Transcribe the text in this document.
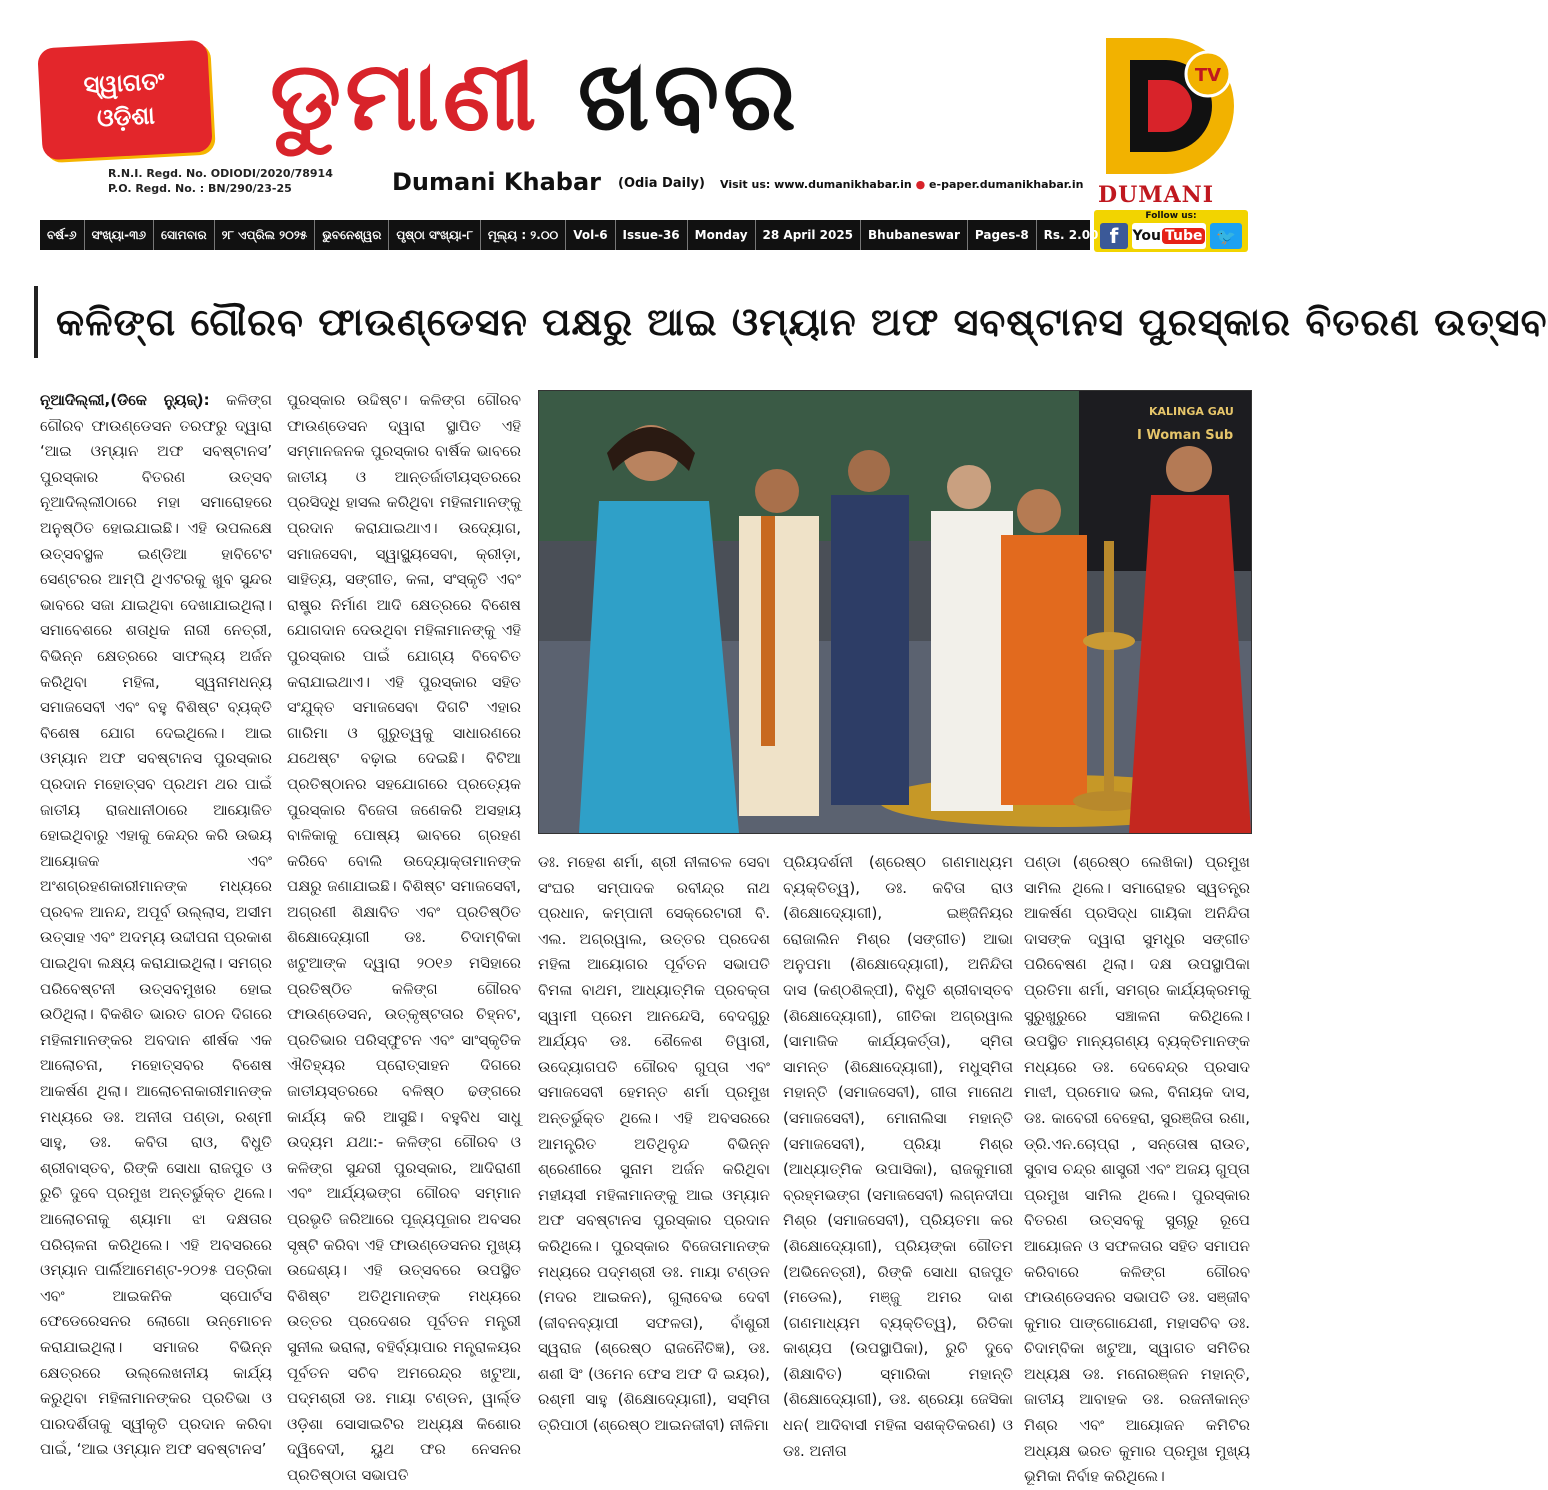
ସ୍ୱାଗତଂ
ଓଡ଼ିଶା
R.N.I. Regd. No. ODIODI/2020/78914
P.O. Regd. No. : BN/290/23-25
ଡୁମାଣୀ ଖବର
Dumani Khabar (Odia Daily) Visit us: www.dumanikhabar.in ● e-paper.dumanikhabar.in
TV
DUMANI
Follow us:
f	You Tube 🐦
ବର୍ଷ-୬	ସଂଖ୍ୟା-୩୬	ସୋମବାର	୨୮ ଏପ୍ରିଲ ୨୦୨୫	ଭୁବନେଶ୍ୱର	ପୃଷ୍ଠା ସଂଖ୍ୟା-୮	ମୂଲ୍ୟ : ୨.୦୦	Vol-6	Issue-36	Monday	28 April 2025	Bhubaneswar	Pages-8	Rs. 2.00
କଳିଙ୍ଗ ଗୌରବ ଫାଉଣ୍ଡେସନ ପକ୍ଷରୁ ଆଇ ଓମ୍ୟାନ ଅଫ ସବଷ୍ଟାନସ ପୁରସ୍କାର ବିତରଣ ଉତ୍ସବ
ନୂଆଦିଲ୍ଲୀ,(ଡିକେ ନ୍ୟୁଜ୍): କଳିଙ୍ଗ ଗୌରବ ଫାଉଣ୍ଡେସନ ତରଫରୁ ଦ୍ୱାରା ‘ଆଇ ଓମ୍ୟାନ ଅଫ ସବଷ୍ଟାନସ’ ପୁରସ୍କାର ବିତରଣ ଉତ୍ସବ ନୂଆଦିଲ୍ଲୀଠାରେ ମହା ସମାରୋହରେ ଅନୁଷ୍ଠିତ ହୋଇଯାଇଛି। ଏହି ଉପଲକ୍ଷେ ଉତ୍ସବସ୍ଥଳ ଇଣ୍ଡିଆ ହାବିଟେଟ ସେଣ୍ଟରର ଆମ୍ପି ଥିଏଟରକୁ ଖୁବ ସୁନ୍ଦର ଭାବରେ ସଜା ଯାଇଥିବା ଦେଖାଯାଇଥିଲା। ସମାବେଶରେ ଶତାଧିକ ନାରୀ ନେତ୍ରୀ, ବିଭିନ୍ନ କ୍ଷେତ୍ରରେ ସାଫଲ୍ୟ ଅର୍ଜନ କରିଥିବା ମହିଳା, ସ୍ୱନାମଧନ୍ୟ ସମାଜସେବୀ ଏବଂ ବହୁ ବିଶିଷ୍ଟ ବ୍ୟକ୍ତି ବିଶେଷ ଯୋଗ ଦେଇଥିଲେ। ଆଇ ଓମ୍ୟାନ ଅଫ ସବଷ୍ଟାନସ ପୁରସ୍କାର ପ୍ରଦାନ ମହୋତ୍ସବ ପ୍ରଥମ ଥର ପାଇଁ ଜାତୀୟ ରାଜଧାନୀଠାରେ ଆୟୋଜିତ ହୋଇଥିବାରୁ ଏହାକୁ କେନ୍ଦ୍ର କରି ଉଭୟ ଆୟୋଜକ ଏବଂ ଅଂଶଗ୍ରହଣକାରୀମାନଙ୍କ ମଧ୍ୟରେ ପ୍ରବଳ ଆନନ୍ଦ, ଅପୂର୍ବ ଉଲ୍ଲାସ, ଅସୀମ ଉତ୍ସାହ ଏବଂ ଅଦମ୍ୟ ଉଦ୍ଦୀପନା ପ୍ରକାଶ ପାଇଥିବା ଲକ୍ଷ୍ୟ କରାଯାଇଥିଲା। ସମଗ୍ର ପରିବେଷ୍ଟନୀ ଉତ୍ସବମୁଖର ହୋଇ ଉଠିଥିଲା। ବିକଶିତ ଭାରତ ଗଠନ ଦିଗରେ ମହିଳାମାନଙ୍କର ଅବଦାନ ଶୀର୍ଷକ ଏକ ଆଲୋଚନା, ମହୋତ୍ସବର ବିଶେଷ ଆକର୍ଷଣ ଥିଲା। ଆଲୋଚନାକାରୀମାନଙ୍କ ମଧ୍ୟରେ ଡଃ. ଅନୀତା ପଣ୍ଡା, ରଶ୍ମୀ ସାହୁ, ଡଃ. କବିତା ରାଓ, ବିଧୁତି ଶ୍ରୀବାସ୍ତବ, ରିଙ୍କି ସୋଧା ରାଜପୁତ ଓ ରୁଚି ଦୁବେ ପ୍ରମୁଖ ଅନ୍ତର୍ଭୁକ୍ତ ଥିଲେ। ଆଲୋଚନାକୁ ଶ୍ୟାମା ଝା ଦକ୍ଷତାର ପରିଚାଳନା କରିଥିଲେ। ଏହି ଅବସରରେ ଓମ୍ୟାନ ପାର୍ଲିଆମେଣ୍ଟ-୨୦୨୫ ପତ୍ରିକା ଏବଂ ଆଇକନିକ ସ୍ପୋର୍ଟସ ଫେଡେରେସନର ଲୋଗୋ ଉନ୍ମୋଚନ କରାଯାଇଥିଲା। ସମାଜର ବିଭିନ୍ନ କ୍ଷେତ୍ରରେ ଉଲ୍ଲେଖନୀୟ କାର୍ଯ୍ୟ କରୁଥିବା ମହିଳାମାନଙ୍କର ପ୍ରତିଭା ଓ ପାରଦର୍ଶିତାକୁ ସ୍ୱୀକୃତି ପ୍ରଦାନ କରିବା ପାଇଁ, ‘ଆଇ ଓମ୍ୟାନ ଅଫ ସବଷ୍ଟାନସ’
ପୁରସ୍କାର ଉଦ୍ଦିଷ୍ଟ। କଳିଙ୍ଗ ଗୌରବ ଫାଉଣ୍ଡେସନ ଦ୍ୱାରା ସ୍ଥାପିତ ଏହି ସମ୍ମାନଜନକ ପୁରସ୍କାର ବାର୍ଷିକ ଭାବରେ ଜାତୀୟ ଓ ଆନ୍ତର୍ଜାତୀୟସ୍ତରରେ ପ୍ରସିଦ୍ଧି ହାସଲ କରିଥିବା ମହିଳାମାନଙ୍କୁ ପ୍ରଦାନ କରାଯାଇଥାଏ। ଉଦ୍ୟୋଗ, ସମାଜସେବା, ସ୍ୱାସ୍ଥ୍ୟସେବା, କ୍ରୀଡ଼ା, ସାହିତ୍ୟ, ସଙ୍ଗୀତ, କଳା, ସଂସ୍କୃତି ଏବଂ ରାଷ୍ଟ୍ର ନିର୍ମାଣ ଆଦି କ୍ଷେତ୍ରରେ ବିଶେଷ ଯୋଗଦାନ ଦେଉଥିବା ମହିଳାମାନଙ୍କୁ ଏହି ପୁରସ୍କାର ପାଇଁ ଯୋଗ୍ୟ ବିବେଚିତ କରାଯାଇଥାଏ। ଏହି ପୁରସ୍କାର ସହିତ ସଂଯୁକ୍ତ ସମାଜସେବା ଦିଗଟି ଏହାର ଗାରିମା ଓ ଗୁରୁତ୍ୱକୁ ସାଧାରଣରେ ଯଥେଷ୍ଟ ବଢ଼ାଇ ଦେଇଛି। ବିଟିଆ ପ୍ରତିଷ୍ଠାନର ସହଯୋଗରେ ପ୍ରତ୍ୟେକ ପୁରସ୍କାର ବିଜେତା ଜଣେକରି ଅସହାୟ ବାଳିକାକୁ ପୋଷ୍ୟ ଭାବରେ ଗ୍ରହଣ କରିବେ ବୋଲି ଉଦ୍ୟୋକ୍ତାମାନଙ୍କ ପକ୍ଷରୁ ଜଣାଯାଇଛି। ବିଶିଷ୍ଟ ସମାଜସେବୀ, ଅଗ୍ରଣୀ ଶିକ୍ଷାବିତ ଏବଂ ପ୍ରତିଷ୍ଠିତ ଶିକ୍ଷୋଦ୍ୟୋଗୀ ଡଃ. ଚିଦାମ୍ବିକା ଖଟୁଆଙ୍କ ଦ୍ୱାରା ୨୦୧୬ ମସିହାରେ ପ୍ରତିଷ୍ଠିତ କଳିଙ୍ଗ ଗୌରବ ଫାଉଣ୍ଡେସନ, ଉତ୍କୃଷ୍ଟତାର ଚିହ୍ନଟ, ପ୍ରତିଭାର ପରିସ୍ଫୁଟନ ଏବଂ ସାଂସ୍କୃତିକ ଐତିହ୍ୟର ପ୍ରୋତ୍ସାହନ ଦିଗରେ ଜାତୀୟସ୍ତରରେ ବଳିଷ୍ଠ ଢଙ୍ଗରେ କାର୍ଯ୍ୟ କରି ଆସୁଛି। ବହୁବିଧ ସାଧୁ ଉଦ୍ୟମ ଯଥା:- କଳିଙ୍ଗ ଗୌରବ ଓ କଳିଙ୍ଗ ସୁନ୍ଦରୀ ପୁରସ୍କାର, ଆଦିରାଣୀ ଏବଂ ଆର୍ଯ୍ୟଭଙ୍ଗ ଗୌରବ ସମ୍ମାନ ପ୍ରଭୃତି ଜରିଆରେ ପୂଜ୍ୟପୂଜାର ଅବସର ସୃଷ୍ଟି କରିବା ଏହି ଫାଉଣ୍ଡେସନର ମୁଖ୍ୟ ଉଦ୍ଦେଶ୍ୟ। ଏହି ଉତ୍ସବରେ ଉପସ୍ଥିତ ବିଶିଷ୍ଟ ଅତିଥିମାନଙ୍କ ମଧ୍ୟରେ ଉତ୍ତର ପ୍ରଦେଶର ପୂର୍ବତନ ମନ୍ତ୍ରୀ ସୁନୀଲ ଭରାଲା, ବହିର୍ବ୍ୟାପାର ମନ୍ତ୍ରାଳୟର ପୂର୍ବତନ ସଚିବ ଅମରେନ୍ଦ୍ର ଖଟୁଆ, ପଦ୍ମଶ୍ରୀ ଡଃ. ମାୟା ଟଣ୍ଡନ, ୱାର୍ଲ୍ଡ ଓଡ଼ିଶା ସୋସାଇଟିର ଅଧ୍ୟକ୍ଷ କିଶୋର ଦ୍ୱିବେଦୀ, ୟୁଥ ଫର ନେସନର ପ୍ରତିଷ୍ଠାତା ସଭାପତି
KALINGA GAU
I Woman Sub
ଡଃ. ମହେଶ ଶର୍ମା, ଶ୍ରୀ ନୀଳାଚଳ ସେବା ସଂଘର ସମ୍ପାଦକ ରବୀନ୍ଦ୍ର ନାଥ ପ୍ରଧାନ, କମ୍ପାନୀ ସେକ୍ରେଟାରୀ ବି. ଏଲ. ଅଗ୍ରୱାଲ, ଉତ୍ତର ପ୍ରଦେଶ ମହିଳା ଆୟୋଗର ପୂର୍ବତନ ସଭାପତି ବିମଳା ବାଥମ, ଆଧ୍ୟାତ୍ମିକ ପ୍ରବକ୍ତା ସ୍ୱାମୀ ପ୍ରେମ ଆନନ୍ଦେସି, ବେଦଗୁରୁ ଆର୍ଯ୍ୟବ ଡଃ. ଶୈଳେଶ ତିୱାରୀ, ଉଦ୍ୟୋଗପତି ଗୌରବ ଗୁପ୍ତା ଏବଂ ସମାଜସେବୀ ହେମନ୍ତ ଶର୍ମା ପ୍ରମୁଖ ଅନ୍ତର୍ଭୁକ୍ତ ଥିଲେ। ଏହି ଅବସରରେ ଆମନ୍ତ୍ରିତ ଅତିଥିବୃନ୍ଦ ବିଭିନ୍ନ ଶ୍ରେଣୀରେ ସୁନାମ ଅର୍ଜନ କରିଥିବା ମହୀୟସୀ ମହିଳାମାନଙ୍କୁ ଆଇ ଓମ୍ୟାନ ଅଫ ସବଷ୍ଟାନସ ପୁରସ୍କାର ପ୍ରଦାନ କରିଥିଲେ। ପୁରସ୍କାର ବିଜେତାମାନଙ୍କ ମଧ୍ୟରେ ପଦ୍ମଶ୍ରୀ ଡଃ. ମାୟା ଟଣ୍ଡନ (ମଦର ଆଇକନ), ଗୁଲାବେଭ ଦେବୀ (ଜୀବନବ୍ୟାପୀ ସଫଳତା), ବାଁଶୁରୀ ସ୍ୱରାଜ (ଶ୍ରେଷ୍ଠ ରାଜନୈତିଜ୍ଞ), ଡଃ. ଶଶୀ ସିଂ (ଓମେନ ଫେସ ଅଫ ଦି ଇୟର), ରଶ୍ମୀ ସାହୁ (ଶିକ୍ଷୋଦ୍ୟୋଗୀ), ସସ୍ମିତା ତ୍ରିପାଠୀ (ଶ୍ରେଷ୍ଠ ଆଇନଜୀବୀ) ନୀଳିମା
ପ୍ରିୟଦର୍ଶନୀ (ଶ୍ରେଷ୍ଠ ଗଣମାଧ୍ୟମ ବ୍ୟକ୍ତିତ୍ୱ), ଡଃ. କବିତା ରାଓ (ଶିକ୍ଷୋଦ୍ୟୋଗୀ), ଇଞ୍ଜିନିୟର ରୋଜାଲିନ ମିଶ୍ର (ସଙ୍ଗୀତ) ଆଭା ଅନୁପମା (ଶିକ୍ଷୋଦ୍ୟୋଗୀ), ଅନିନ୍ଦିତା ଦାସ (କଣ୍ଠଶିଳ୍ପୀ), ବିଧୁତି ଶ୍ରୀବାସ୍ତବ (ଶିକ୍ଷୋଦ୍ୟୋଗୀ), ଗୀତିକା ଅଗ୍ରୱାଲ (ସାମାଜିକ କାର୍ଯ୍ୟକର୍ତ୍ତା), ସ୍ମିତା ସାମନ୍ତ (ଶିକ୍ଷୋଦ୍ୟୋଗୀ), ମଧୁସ୍ମିତା ମହାନ୍ତି (ସମାଜସେବୀ), ଗୀତା ମାନୋଥ (ସମାଜସେବୀ), ମୋନାଲିସା ମହାନ୍ତି (ସମାଜସେବୀ), ପ୍ରିୟା ମିଶ୍ର (ଆଧ୍ୟାତ୍ମିକ ଉପାସିକା), ରାଜକୁମାରୀ ବ୍ରହ୍ମଭଙ୍ଗ (ସମାଜସେବୀ) ଲଗ୍ନଦୀପା ମିଶ୍ର (ସମାଜସେବୀ), ପ୍ରିୟତମା କର (ଶିକ୍ଷୋଦ୍ୟୋଗୀ), ପ୍ରିୟଙ୍କା ଗୌତମ (ଅଭିନେତ୍ରୀ), ରିଙ୍କି ସୋଧା ରାଜପୁତ (ମଡେଲ), ମଞ୍ଜୁ ଅମର ଦାଶ (ଗଣମାଧ୍ୟମ ବ୍ୟକ୍ତିତ୍ୱ), ରିତିକା କାଶ୍ୟପ (ଉପସ୍ଥାପିକା), ରୁଚି ଦୁବେ (ଶିକ୍ଷାବିତ) ସ୍ମାରିକା ମହାନ୍ତି (ଶିକ୍ଷୋଦ୍ୟୋଗୀ), ଡଃ. ଶ୍ରେୟା ଜେସିକା ଧନ( ଆଦିବାସୀ ମହିଳା ସଶକ୍ତିକରଣ) ଓ ଡଃ. ଅନୀତା
ପଣ୍ଡା (ଶ୍ରେଷ୍ଠ ଲେଖିକା) ପ୍ରମୁଖ ସାମିଲ ଥିଲେ। ସମାରୋହର ସ୍ୱତନ୍ତ୍ର ଆକର୍ଷଣ ପ୍ରସିଦ୍ଧ ଗାୟିକା ଅନିନ୍ଦିତା ଦାସଙ୍କ ଦ୍ୱାରା ସୁମଧୁର ସଙ୍ଗୀତ ପରିବେଷଣ ଥିଲା। ଦକ୍ଷ ଉପସ୍ଥାପିକା ପ୍ରତିମା ଶର୍ମା, ସମଗ୍ର କାର୍ଯ୍ୟକ୍ରମକୁ ସୁରୁଖୁରୁରେ ସଞ୍ଚାଳନା କରିଥିଲେ। ଉପସ୍ଥିତ ମାନ୍ୟଗଣ୍ୟ ବ୍ୟକ୍ତିମାନଙ୍କ ମଧ୍ୟରେ ଡଃ. ଦେବେନ୍ଦ୍ର ପ୍ରସାଦ ମାଝୀ, ପ୍ରମୋଦ ଭଲ, ବିନାୟକ ଦାସ, ଡଃ. କାବେରୀ ବେହେରା, ସୁରଞ୍ଜିତା ରଣା, ଡ୍ରି.ଏନ.ଚୋପ୍ରା , ସନ୍ତୋଷ ରାଉତ, ସୁବାସ ଚନ୍ଦ୍ର ଶାସ୍ତ୍ରୀ ଏବଂ ଅଜୟ ଗୁପ୍ତା ପ୍ରମୁଖ ସାମିଲ ଥିଲେ। ପୁରସ୍କାର ବିତରଣ ଉତ୍ସବକୁ ସୁଚାରୁ ରୂପେ ଆୟୋଜନ ଓ ସଫଳତାର ସହିତ ସମାପନ କରିବାରେ କଳିଙ୍ଗ ଗୌରବ ଫାଉଣ୍ଡେସନର ସଭାପତି ଡଃ. ସଞ୍ଜୀବ କୁମାର ପାଙ୍ଗୋଯେଶୀ, ମହାସଚିବ ଡଃ. ଚିଦାମ୍ବିକା ଖଟୁଆ, ସ୍ୱାଗତ ସମିତିର ଅଧ୍ୟକ୍ଷ ଡଃ. ମନୋରଞ୍ଜନ ମହାନ୍ତି, ଜାତୀୟ ଆବାହକ ଡଃ. ରଜନୀକାନ୍ତ ମିଶ୍ର ଏବଂ ଆୟୋଜନ କମିଟିର ଅଧ୍ୟକ୍ଷ ଭରତ କୁମାର ପ୍ରମୁଖ ମୁଖ୍ୟ ଭୂମିକା ନିର୍ବାହ କରିଥିଲେ।
